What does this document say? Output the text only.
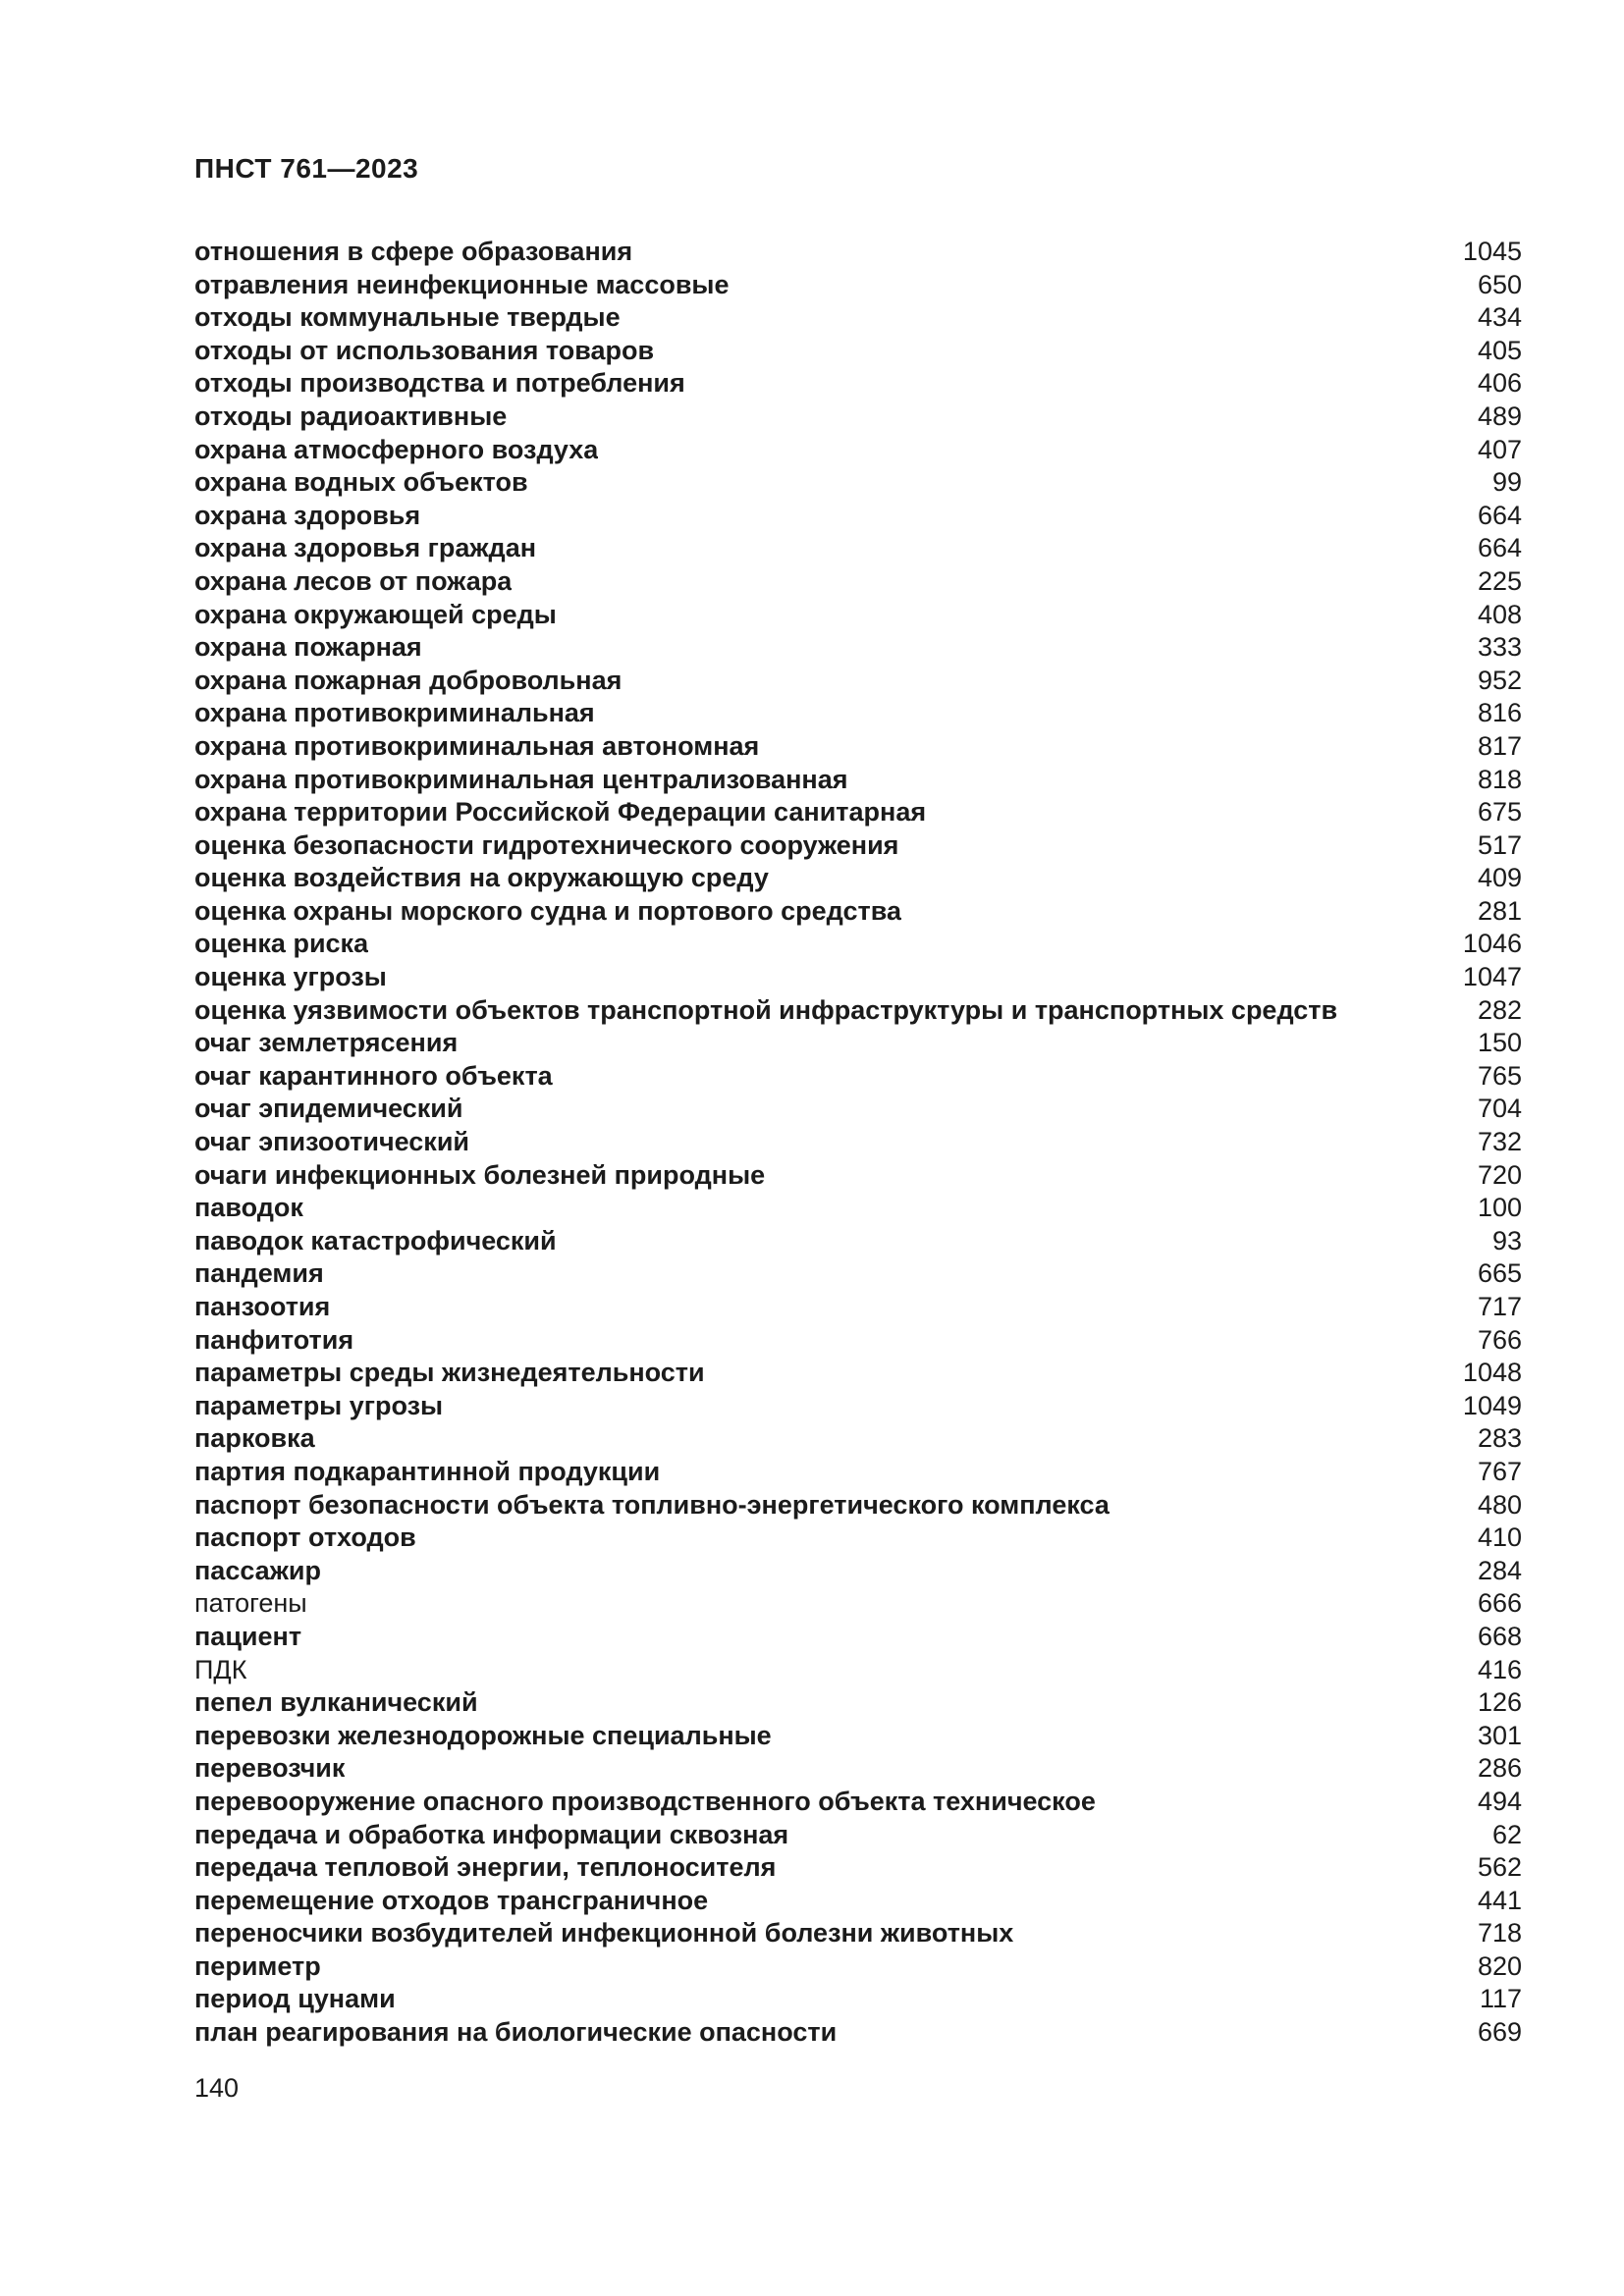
ПНСТ 761—2023
отношения в сфере образования	1045
отравления неинфекционные массовые	650
отходы коммунальные твердые	434
отходы от использования товаров	405
отходы производства и потребления	406
отходы радиоактивные	489
охрана атмосферного воздуха	407
охрана водных объектов	99
охрана здоровья	664
охрана здоровья граждан	664
охрана лесов от пожара	225
охрана окружающей среды	408
охрана пожарная	333
охрана пожарная добровольная	952
охрана противокриминальная	816
охрана противокриминальная автономная	817
охрана противокриминальная централизованная	818
охрана территории Российской Федерации санитарная	675
оценка безопасности гидротехнического сооружения	517
оценка воздействия на окружающую среду	409
оценка охраны морского судна и портового средства	281
оценка риска	1046
оценка угрозы	1047
оценка уязвимости объектов транспортной инфраструктуры и транспортных средств	282
очаг землетрясения	150
очаг карантинного объекта	765
очаг эпидемический	704
очаг эпизоотический	732
очаги инфекционных болезней природные	720
паводок	100
паводок катастрофический	93
пандемия	665
панзоотия	717
панфитотия	766
параметры среды жизнедеятельности	1048
параметры угрозы	1049
парковка	283
партия подкарантинной продукции	767
паспорт безопасности объекта топливно-энергетического комплекса	480
паспорт отходов	410
пассажир	284
патогены	666
пациент	668
ПДК	416
пепел вулканический	126
перевозки железнодорожные специальные	301
перевозчик	286
перевооружение опасного производственного объекта техническое	494
передача и обработка информации сквозная	62
передача тепловой энергии, теплоносителя	562
перемещение отходов трансграничное	441
переносчики возбудителей инфекционной болезни животных	718
периметр	820
период цунами	117
план реагирования на биологические опасности	669
140
